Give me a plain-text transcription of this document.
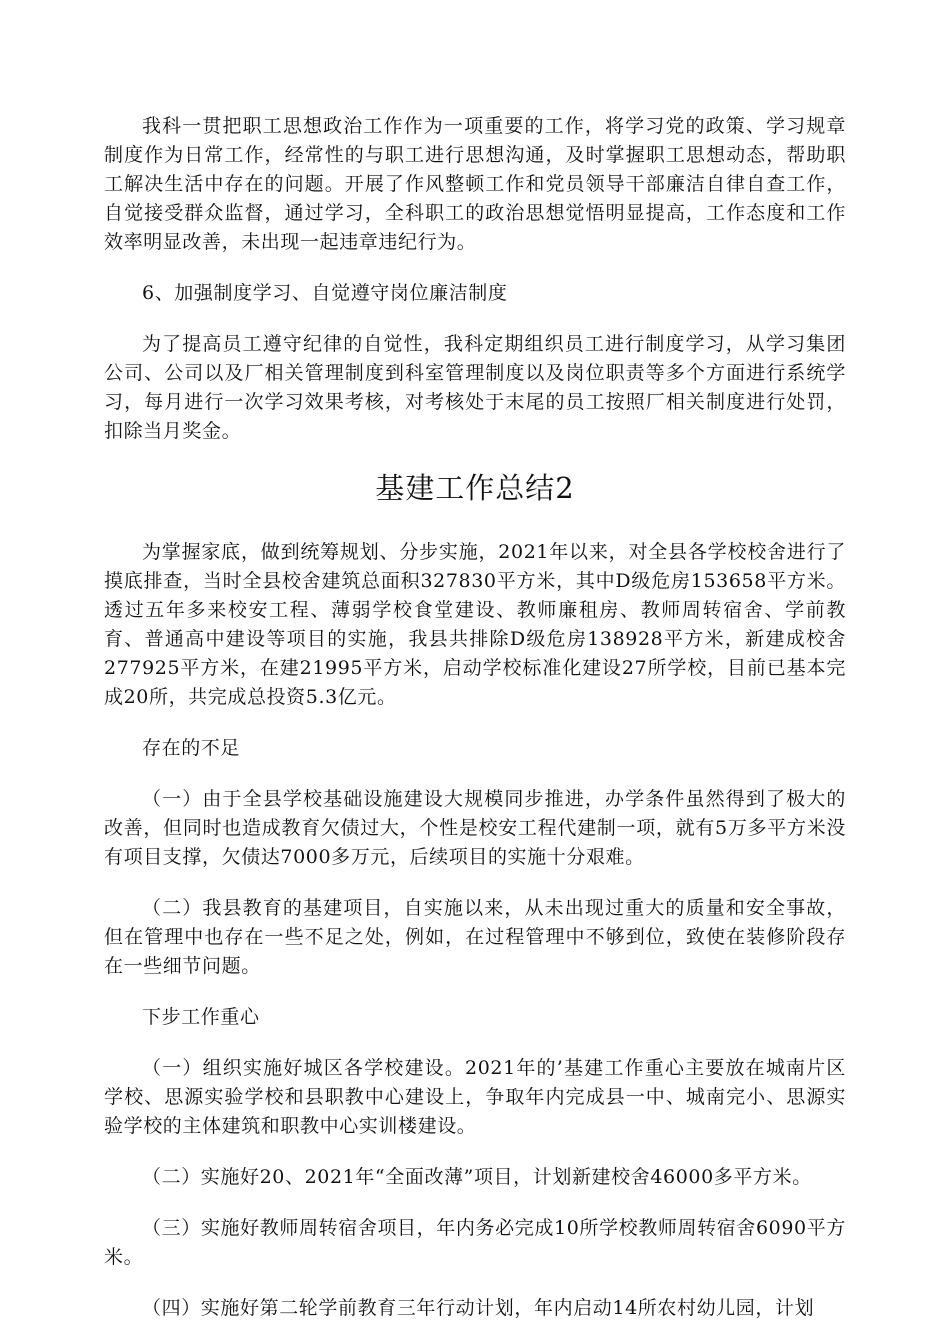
我科一贯把职工思想政治工作作为一项重要的工作，将学习党的政策、学习规章制度作为日常工作，经常性的与职工进行思想沟通，及时掌握职工思想动态，帮助职工解决生活中存在的问题。开展了作风整顿工作和党员领导干部廉洁自律自查工作，自觉接受群众监督，通过学习，全科职工的政治思想觉悟明显提高，工作态度和工作效率明显改善，未出现一起违章违纪行为。

6、加强制度学习、自觉遵守岗位廉洁制度

为了提高员工遵守纪律的自觉性，我科定期组织员工进行制度学习，从学习集团公司、公司以及厂相关管理制度到科室管理制度以及岗位职责等多个方面进行系统学习，每月进行一次学习效果考核，对考核处于末尾的员工按照厂相关制度进行处罚，扣除当月奖金。

基建工作总结2

为掌握家底，做到统筹规划、分步实施，2021年以来，对全县各学校校舍进行了摸底排查，当时全县校舍建筑总面积327830平方米，其中D级危房153658平方米。透过五年多来校安工程、薄弱学校食堂建设、教师廉租房、教师周转宿舍、学前教育、普通高中建设等项目的实施，我县共排除D级危房138928平方米，新建成校舍277925平方米，在建21995平方米，启动学校标准化建设27所学校，目前已基本完成20所，共完成总投资5.3亿元。

存在的不足

（一）由于全县学校基础设施建设大规模同步推进，办学条件虽然得到了极大的改善，但同时也造成教育欠债过大，个性是校安工程代建制一项，就有5万多平方米没有项目支撑，欠债达7000多万元，后续项目的实施十分艰难。

（二）我县教育的基建项目，自实施以来，从未出现过重大的质量和安全事故，但在管理中也存在一些不足之处，例如，在过程管理中不够到位，致使在装修阶段存在一些细节问题。

下步工作重心

（一）组织实施好城区各学校建设。2021年的’基建工作重心主要放在城南片区学校、思源实验学校和县职教中心建设上，争取年内完成县一中、城南完小、思源实验学校的主体建筑和职教中心实训楼建设。

（二）实施好20、2021年“全面改薄”项目，计划新建校舍46000多平方米。

（三）实施好教师周转宿舍项目，年内务必完成10所学校教师周转宿舍6090平方米。

（四）实施好第二轮学前教育三年行动计划，年内启动14所农村幼儿园，计划
